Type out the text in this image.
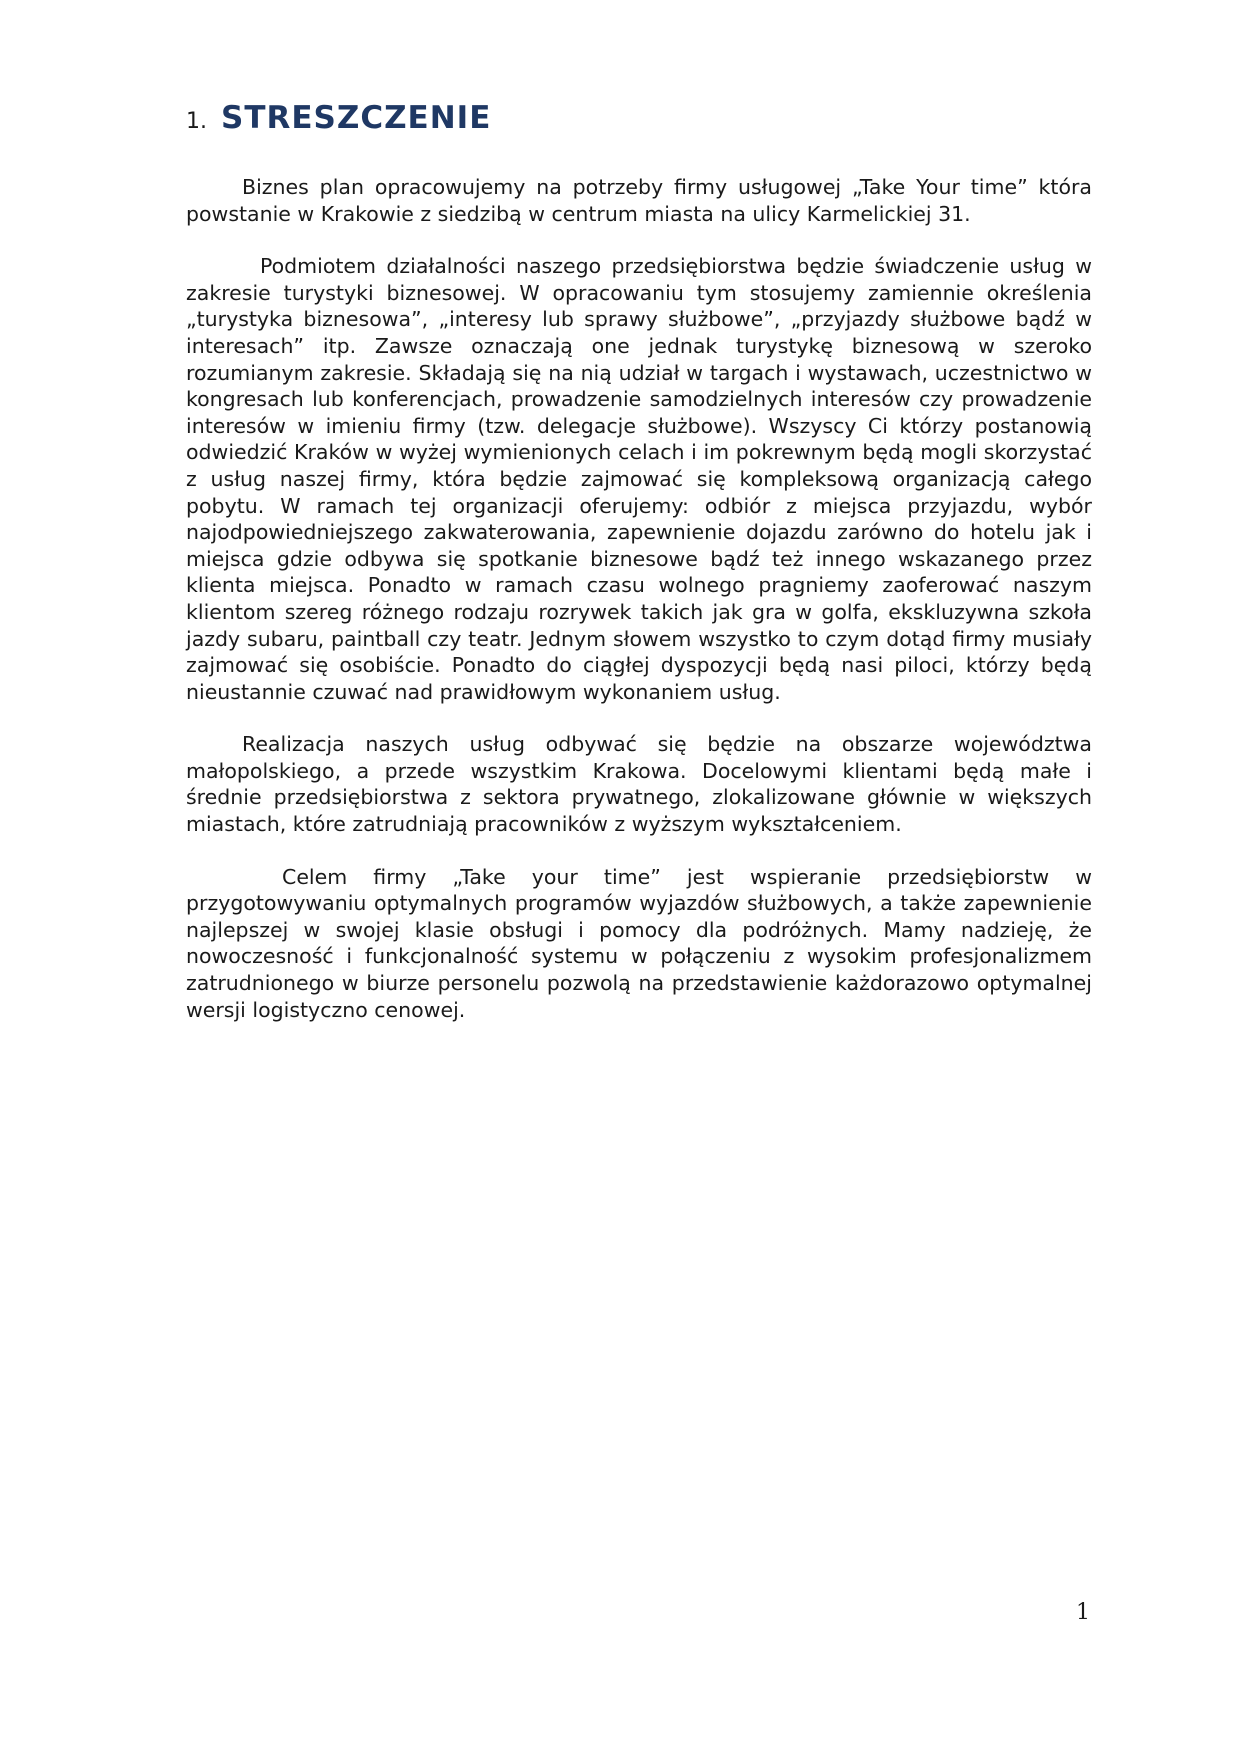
1. STRESZCZENIE

Biznes plan opracowujemy na potrzeby firmy usługowej „Take Your time” która powstanie w Krakowie z siedzibą w centrum miasta na ulicy Karmelickiej 31.

Podmiotem działalności naszego przedsiębiorstwa będzie świadczenie usług w zakresie turystyki biznesowej. W opracowaniu tym stosujemy zamiennie określenia „turystyka biznesowa”, „interesy lub sprawy służbowe”, „przyjazdy służbowe bądź w interesach” itp. Zawsze oznaczają one jednak turystykę biznesową w szeroko rozumianym zakresie. Składają się na nią udział w targach i wystawach, uczestnictwo w kongresach lub konferencjach, prowadzenie samodzielnych interesów czy prowadzenie interesów w imieniu firmy (tzw. delegacje służbowe). Wszyscy Ci którzy postanowią odwiedzić Kraków w wyżej wymienionych celach i im pokrewnym będą mogli skorzystać z usług naszej firmy, która będzie zajmować się kompleksową organizacją całego pobytu. W ramach tej organizacji oferujemy: odbiór z miejsca przyjazdu, wybór najodpowiedniejszego zakwaterowania, zapewnienie dojazdu zarówno do hotelu jak i miejsca gdzie odbywa się spotkanie biznesowe bądź też innego wskazanego przez klienta miejsca. Ponadto w ramach czasu wolnego pragniemy zaoferować naszym klientom szereg różnego rodzaju rozrywek takich jak gra w golfa, ekskluzywna szkoła jazdy subaru, paintball czy teatr. Jednym słowem wszystko to czym dotąd firmy musiały zajmować się osobiście. Ponadto do ciągłej dyspozycji będą nasi piloci, którzy będą nieustannie czuwać nad prawidłowym wykonaniem usług.

Realizacja naszych usług odbywać się będzie na obszarze województwa małopolskiego, a przede wszystkim Krakowa. Docelowymi klientami będą małe i średnie przedsiębiorstwa z sektora prywatnego, zlokalizowane głównie w większych miastach, które zatrudniają pracowników z wyższym wykształceniem.

Celem firmy „Take your time” jest wspieranie przedsiębiorstw w przygotowywaniu optymalnych programów wyjazdów służbowych, a także zapewnienie najlepszej w swojej klasie obsługi i pomocy dla podróżnych. Mamy nadzieję, że nowoczesność i funkcjonalność systemu w połączeniu z wysokim profesjonalizmem zatrudnionego w biurze personelu pozwolą na przedstawienie każdorazowo optymalnej wersji logistyczno cenowej.

1
